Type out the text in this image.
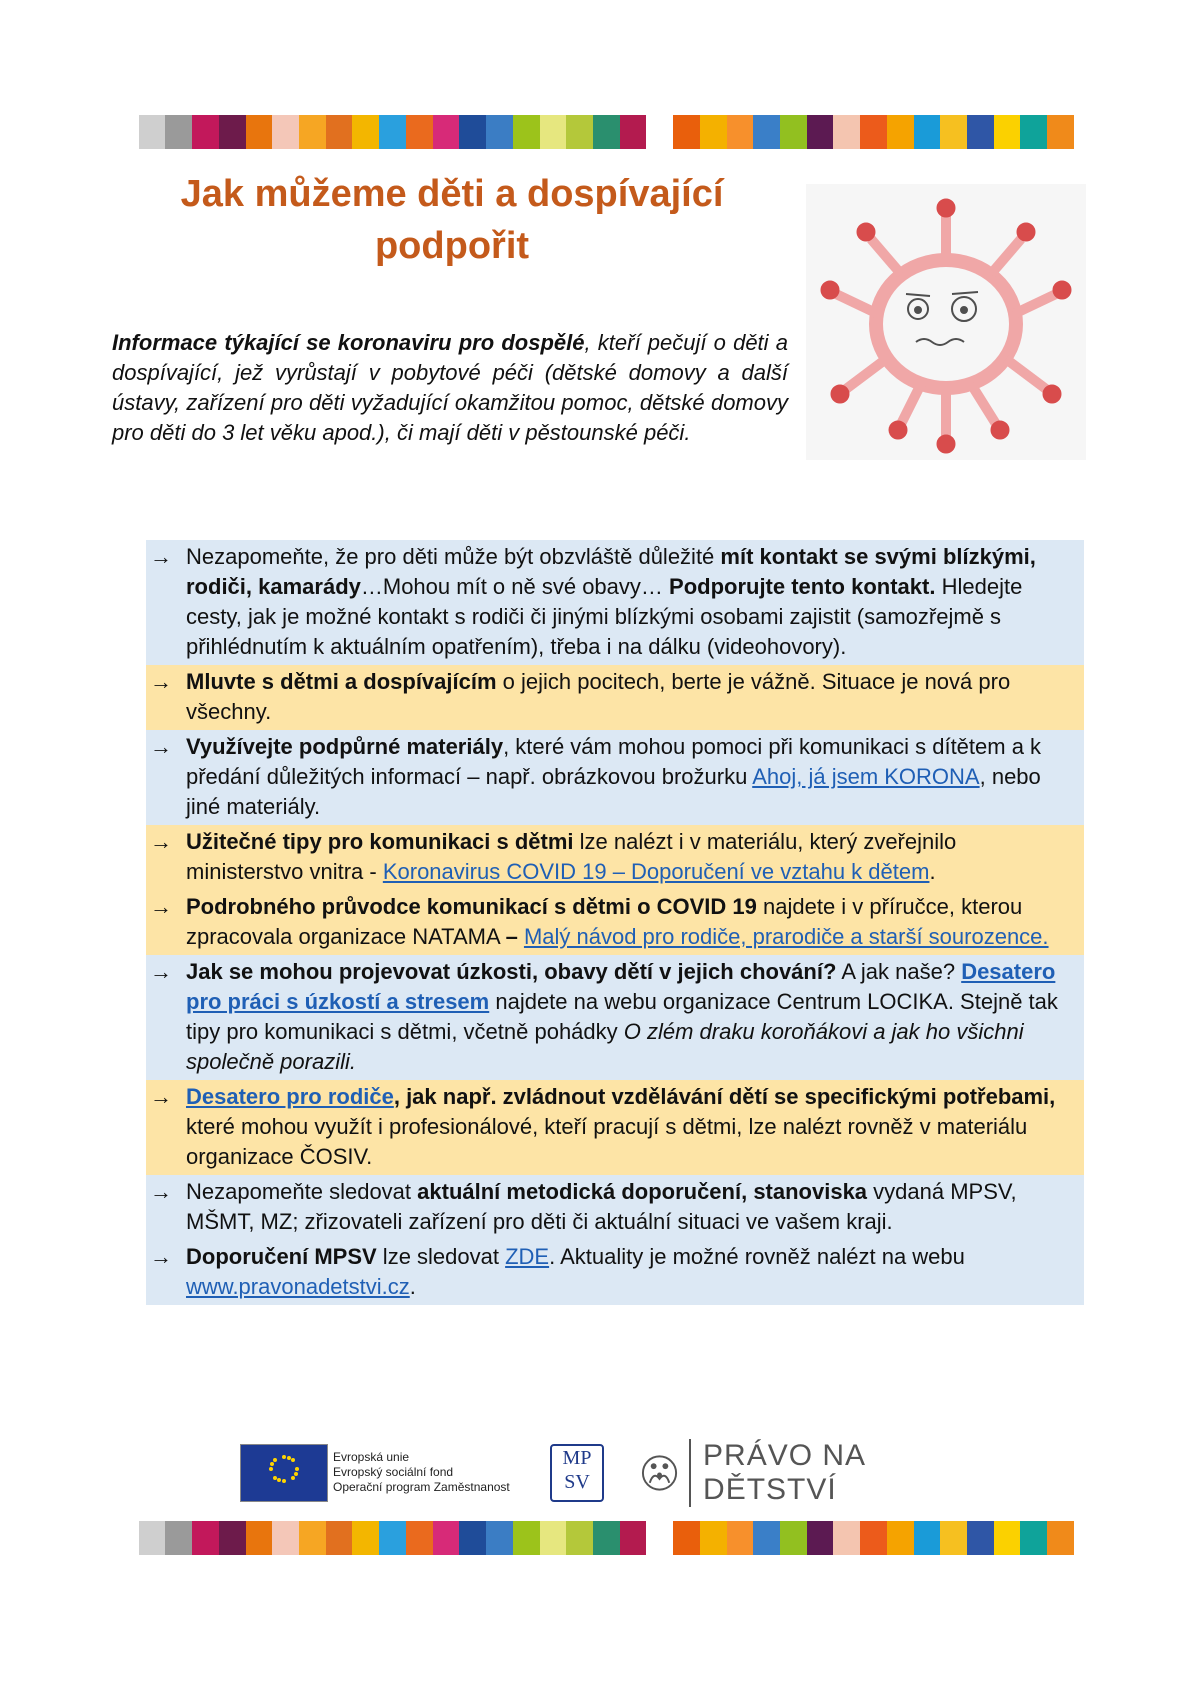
Jak můžeme děti a dospívající podpořit
Informace týkající se koronaviru pro dospělé, kteří pečují o děti a dospívající, jež vyrůstají v pobytové péči (dětské domovy a další ústavy, zařízení pro děti vyžadující okamžitou pomoc, dětské domovy pro děti do 3 let věku apod.), či mají děti v pěstounské péči.
→ Nezapomeňte, že pro děti může být obzvláště důležité mít kontakt se svými blízkými, rodiči, kamarády…Mohou mít o ně své obavy… Podporujte tento kontakt. Hledejte cesty, jak je možné kontakt s rodiči či jinými blízkými osobami zajistit (samozřejmě s přihlédnutím k aktuálním opatřením), třeba i na dálku (videohovory).
→ Mluvte s dětmi a dospívajícím o jejich pocitech, berte je vážně. Situace je nová pro všechny.
→ Využívejte podpůrné materiály, které vám mohou pomoci při komunikaci s dítětem a k předání důležitých informací – např. obrázkovou brožurku Ahoj, já jsem KORONA, nebo jiné materiály.
→ Užitečné tipy pro komunikaci s dětmi lze nalézt i v materiálu, který zveřejnilo ministerstvo vnitra - Koronavirus COVID 19 – Doporučení ve vztahu k dětem.
→ Podrobného průvodce komunikací s dětmi o COVID 19 najdete i v příručce, kterou zpracovala organizace NATAMA – Malý návod pro rodiče, prarodiče a starší sourozence.
→ Jak se mohou projevovat úzkosti, obavy dětí v jejich chování? A jak naše? Desatero pro práci s úzkostí a stresem najdete na webu organizace Centrum LOCIKA. Stejně tak tipy pro komunikaci s dětmi, včetně pohádky O zlém draku koroňákovi a jak ho všichni společně porazili.
→ Desatero pro rodiče, jak např. zvládnout vzdělávání dětí se specifickými potřebami, které mohou využít i profesionálové, kteří pracují s dětmi, lze nalézt rovněž v materiálu organizace ČOSIV.
→ Nezapomeňte sledovat aktuální metodická doporučení, stanoviska vydaná MPSV, MŠMT, MZ; zřizovateli zařízení pro děti či aktuální situaci ve vašem kraji.
→ Doporučení MPSV lze sledovat ZDE. Aktuality je možné rovněž nalézt na webu www.pravonadetstvi.cz.
Evropská unie
Evropský sociální fond
Operační program Zaměstnanost
MP
SV
PRÁVO NA DĚTSTVÍ
